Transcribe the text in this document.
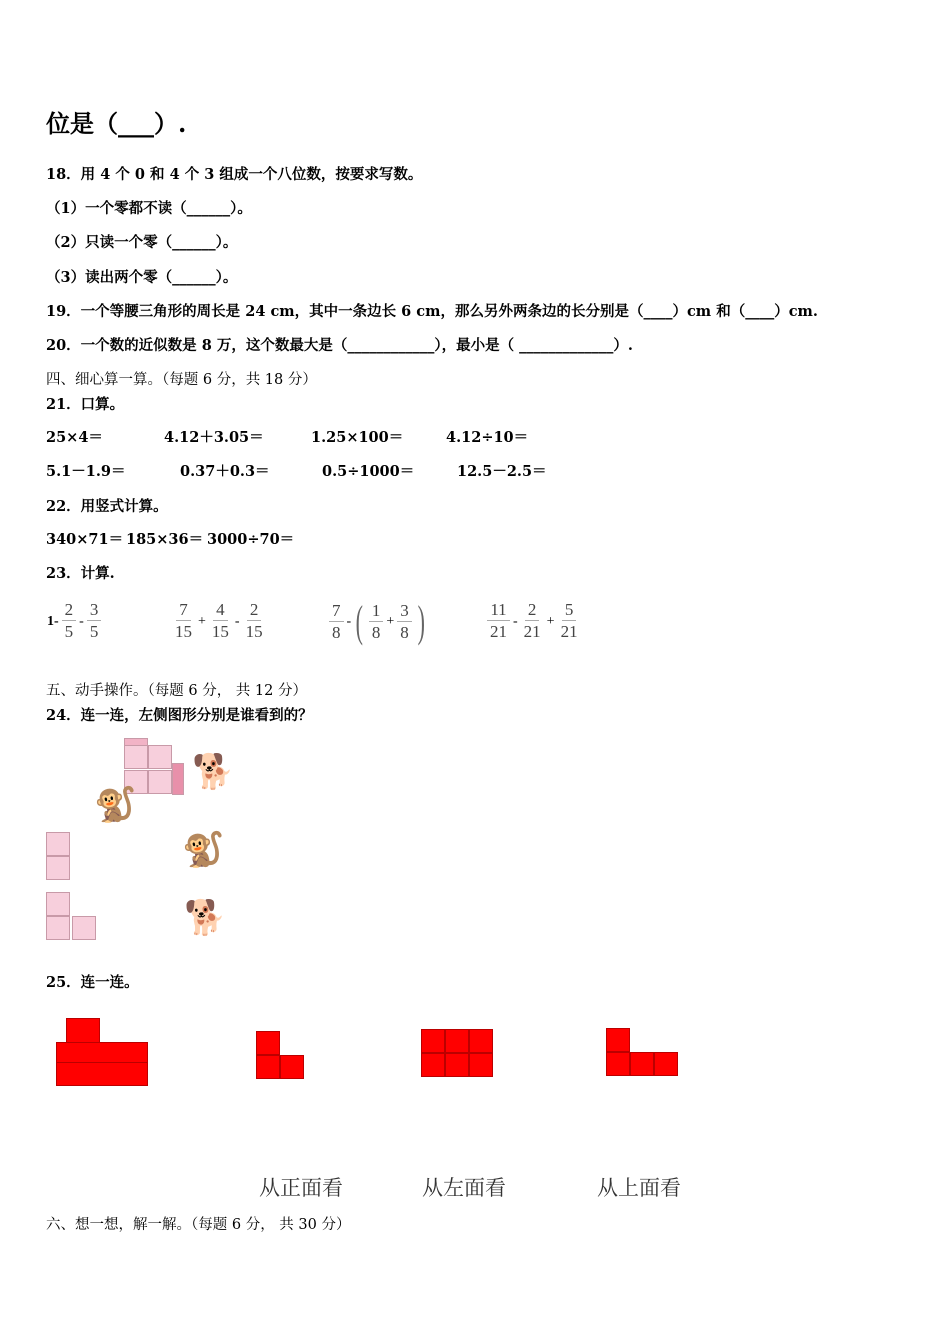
位是（___）.
18．用 4 个 0 和 4 个 3 组成一个八位数，按要求写数。
（1）一个零都不读（______）。
（2）只读一个零（______）。
（3）读出两个零（______）。
19．一个等腰三角形的周长是 24 cm，其中一条边长 6 cm，那么另外两条边的长分别是（____）cm 和（____）cm.
20．一个数的近似数是 8 万，这个数最大是（____________），最小是（ _____________）.
四、细心算一算。（每题 6 分，共 18 分）
21．口算。
25×4＝	4.12＋3.05＝	1.25×100＝	4.12÷10＝
5.1－1.9＝	0.37＋0.3＝	0.5÷1000＝	12.5－2.5＝
22．用竖式计算。
340×71＝ 185×36＝ 3000÷70＝
23．计算.
$1- \frac{2}{5} - \frac{3}{5}$	$\frac{7}{15} + \frac{4}{15} - \frac{2}{15}$	$\frac{7}{8}$ - ( $\frac{1}{8} + \frac{3}{8}$ )	$\frac{11}{21} - \frac{2}{21} + \frac{5}{21}$
五、动手操作。（每题 6 分， 共 12 分）
24．连一连，左侧图形分别是谁看到的？
🐕
🐒
🐒
🐕
25．连一连。
从正面看	从左面看	从上面看
六、想一想，解一解。（每题 6 分， 共 30 分）
